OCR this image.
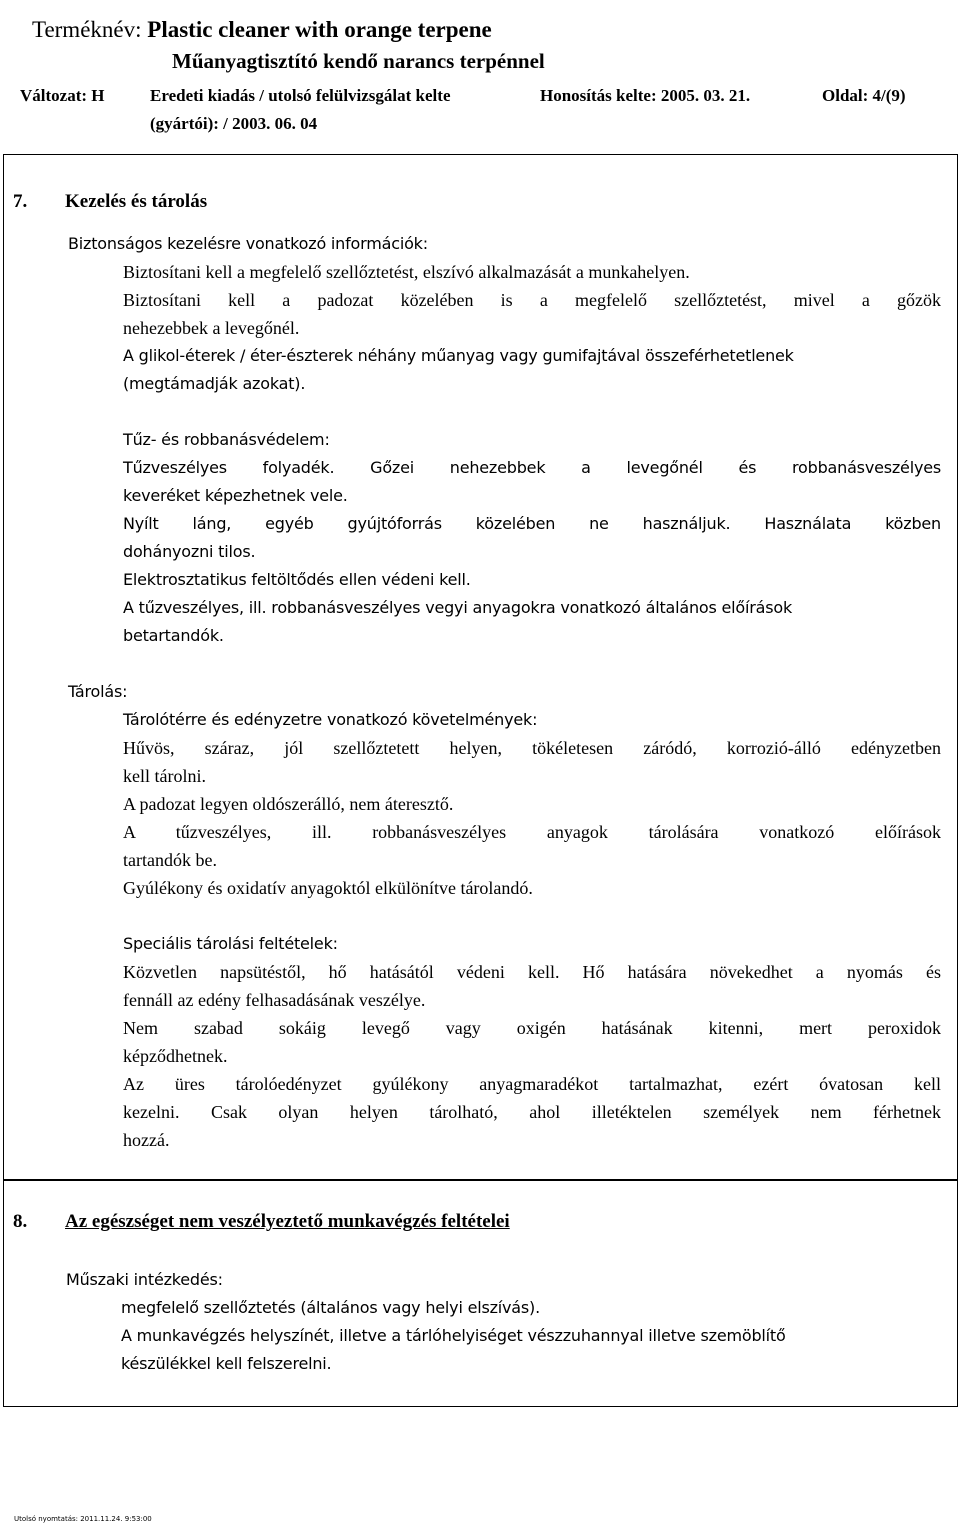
Terméknév: Plastic cleaner with orange terpene
Műanyagtisztító kendő narancs terpénnel
Változat: H	Eredeti kiadás / utolsó felülvizsgálat kelte
(gyártói): / 2003. 06. 04
Honosítás kelte: 2005. 03. 21.	Oldal: 4/(9)
7. Kezelés és tárolás
Biztonságos kezelésre vonatkozó információk:
Biztosítani kell a megfelelő szellőztetést, elszívó alkalmazását a munkahelyen.
Biztosítani kell a padozat közelében is a megfelelő szellőztetést, mivel a gőzök
nehezebbek a levegőnél.
A glikol-éterek / éter-észterek néhány műanyag vagy gumifajtával összeférhetetlenek
(megtámadják azokat).
Tűz- és robbanásvédelem:
Tűzveszélyes folyadék. Gőzei nehezebbek a levegőnél és robbanásveszélyes
keveréket képezhetnek vele.
Nyílt láng, egyéb gyújtóforrás közelében ne használjuk. Használata közben
dohányozni tilos.
Elektrosztatikus feltöltődés ellen védeni kell.
A tűzveszélyes, ill. robbanásveszélyes vegyi anyagokra vonatkozó általános előírások
betartandók.
Tárolás:
Tárolótérre és edényzetre vonatkozó követelmények:
Hűvös, száraz, jól szellőztetett helyen, tökéletesen záródó, korrozió-álló edényzetben
kell tárolni.
A padozat legyen oldószerálló, nem áteresztő.
A tűzveszélyes, ill. robbanásveszélyes anyagok tárolására vonatkozó előírások
tartandók be.
Gyúlékony és oxidatív anyagoktól elkülönítve tárolandó.
Speciális tárolási feltételek:
Közvetlen napsütéstől, hő hatásától védeni kell. Hő hatására növekedhet a nyomás és
fennáll az edény felhasadásának veszélye.
Nem szabad sokáig levegő vagy oxigén hatásának kitenni, mert peroxidok
képződhetnek.
Az üres tárolóedényzet gyúlékony anyagmaradékot tartalmazhat, ezért óvatosan kell
kezelni. Csak olyan helyen tárolható, ahol illetéktelen személyek nem férhetnek
hozzá.
8. Az egészséget nem veszélyeztető munkavégzés feltételei
Műszaki intézkedés:
megfelelő szellőztetés (általános vagy helyi elszívás).
A munkavégzés helyszínét, illetve a tárlóhelyiséget vészzuhannyal illetve szemöblítő
készülékkel kell felszerelni.
Utolsó nyomtatás: 2011.11.24. 9:53:00
